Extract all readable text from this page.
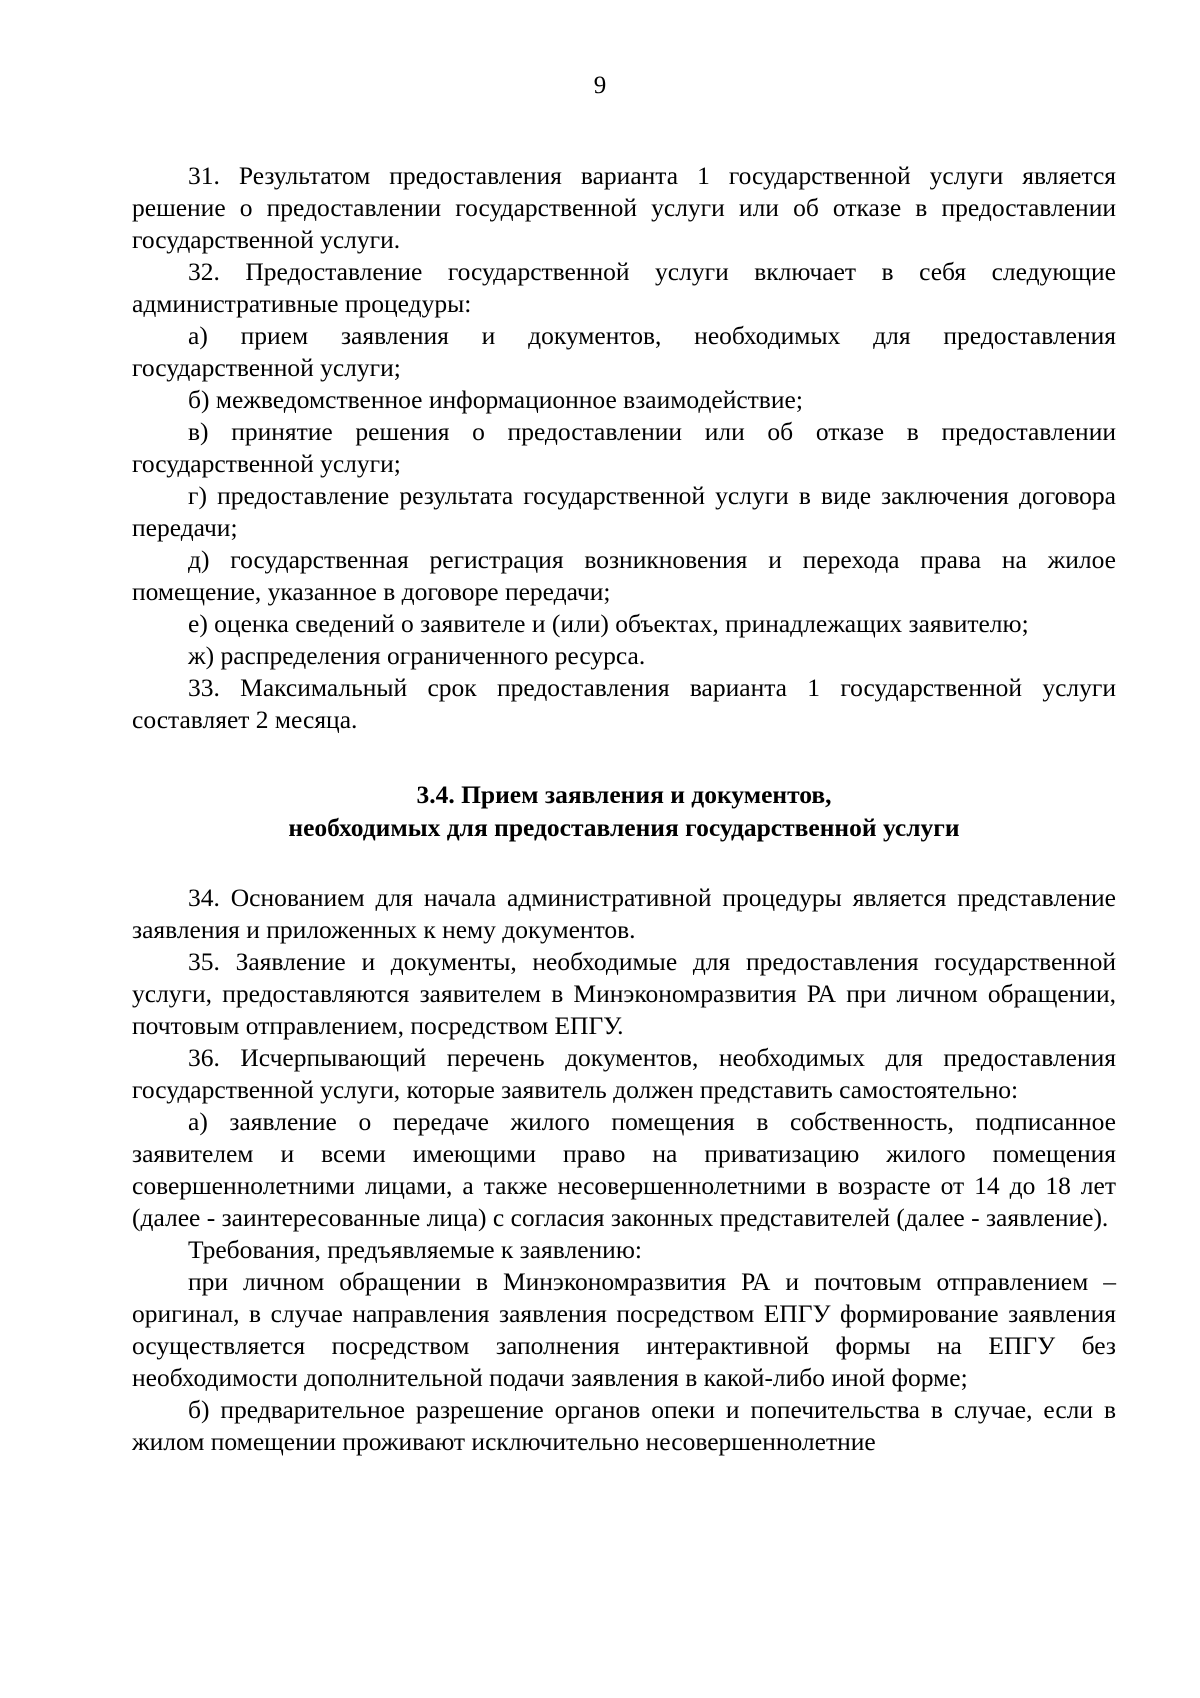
9

31. Результатом предоставления варианта 1 государственной услуги является решение о предоставлении государственной услуги или об отказе в предоставлении государственной услуги.

32. Предоставление государственной услуги включает в себя следующие административные процедуры:

а) прием заявления и документов, необходимых для предоставления государственной услуги;

б) межведомственное информационное взаимодействие;

в) принятие решения о предоставлении или об отказе в предоставлении государственной услуги;

г) предоставление результата государственной услуги в виде заключения договора передачи;

д) государственная регистрация возникновения и перехода права на жилое помещение, указанное в договоре передачи;

е) оценка сведений о заявителе и (или) объектах, принадлежащих заявителю;

ж) распределения ограниченного ресурса.

33. Максимальный срок предоставления варианта 1 государственной услуги составляет 2 месяца.

3.4. Прием заявления и документов,
необходимых для предоставления государственной услуги

34. Основанием для начала административной процедуры является представление заявления и приложенных к нему документов.

35. Заявление и документы, необходимые для предоставления государственной услуги, предоставляются заявителем в Минэкономразвития РА при личном обращении, почтовым отправлением, посредством ЕПГУ.

36. Исчерпывающий перечень документов, необходимых для предоставления государственной услуги, которые заявитель должен представить самостоятельно:

а) заявление о передаче жилого помещения в собственность, подписанное заявителем и всеми имеющими право на приватизацию жилого помещения совершеннолетними лицами, а также несовершеннолетними в возрасте от 14 до 18 лет (далее - заинтересованные лица) с согласия законных представителей (далее - заявление).

Требования, предъявляемые к заявлению:

при личном обращении в Минэкономразвития РА и почтовым отправлением – оригинал, в случае направления заявления посредством ЕПГУ формирование заявления осуществляется посредством заполнения интерактивной формы на ЕПГУ без необходимости дополнительной подачи заявления в какой-либо иной форме;

б) предварительное разрешение органов опеки и попечительства в случае, если в жилом помещении проживают исключительно несовершеннолетние
